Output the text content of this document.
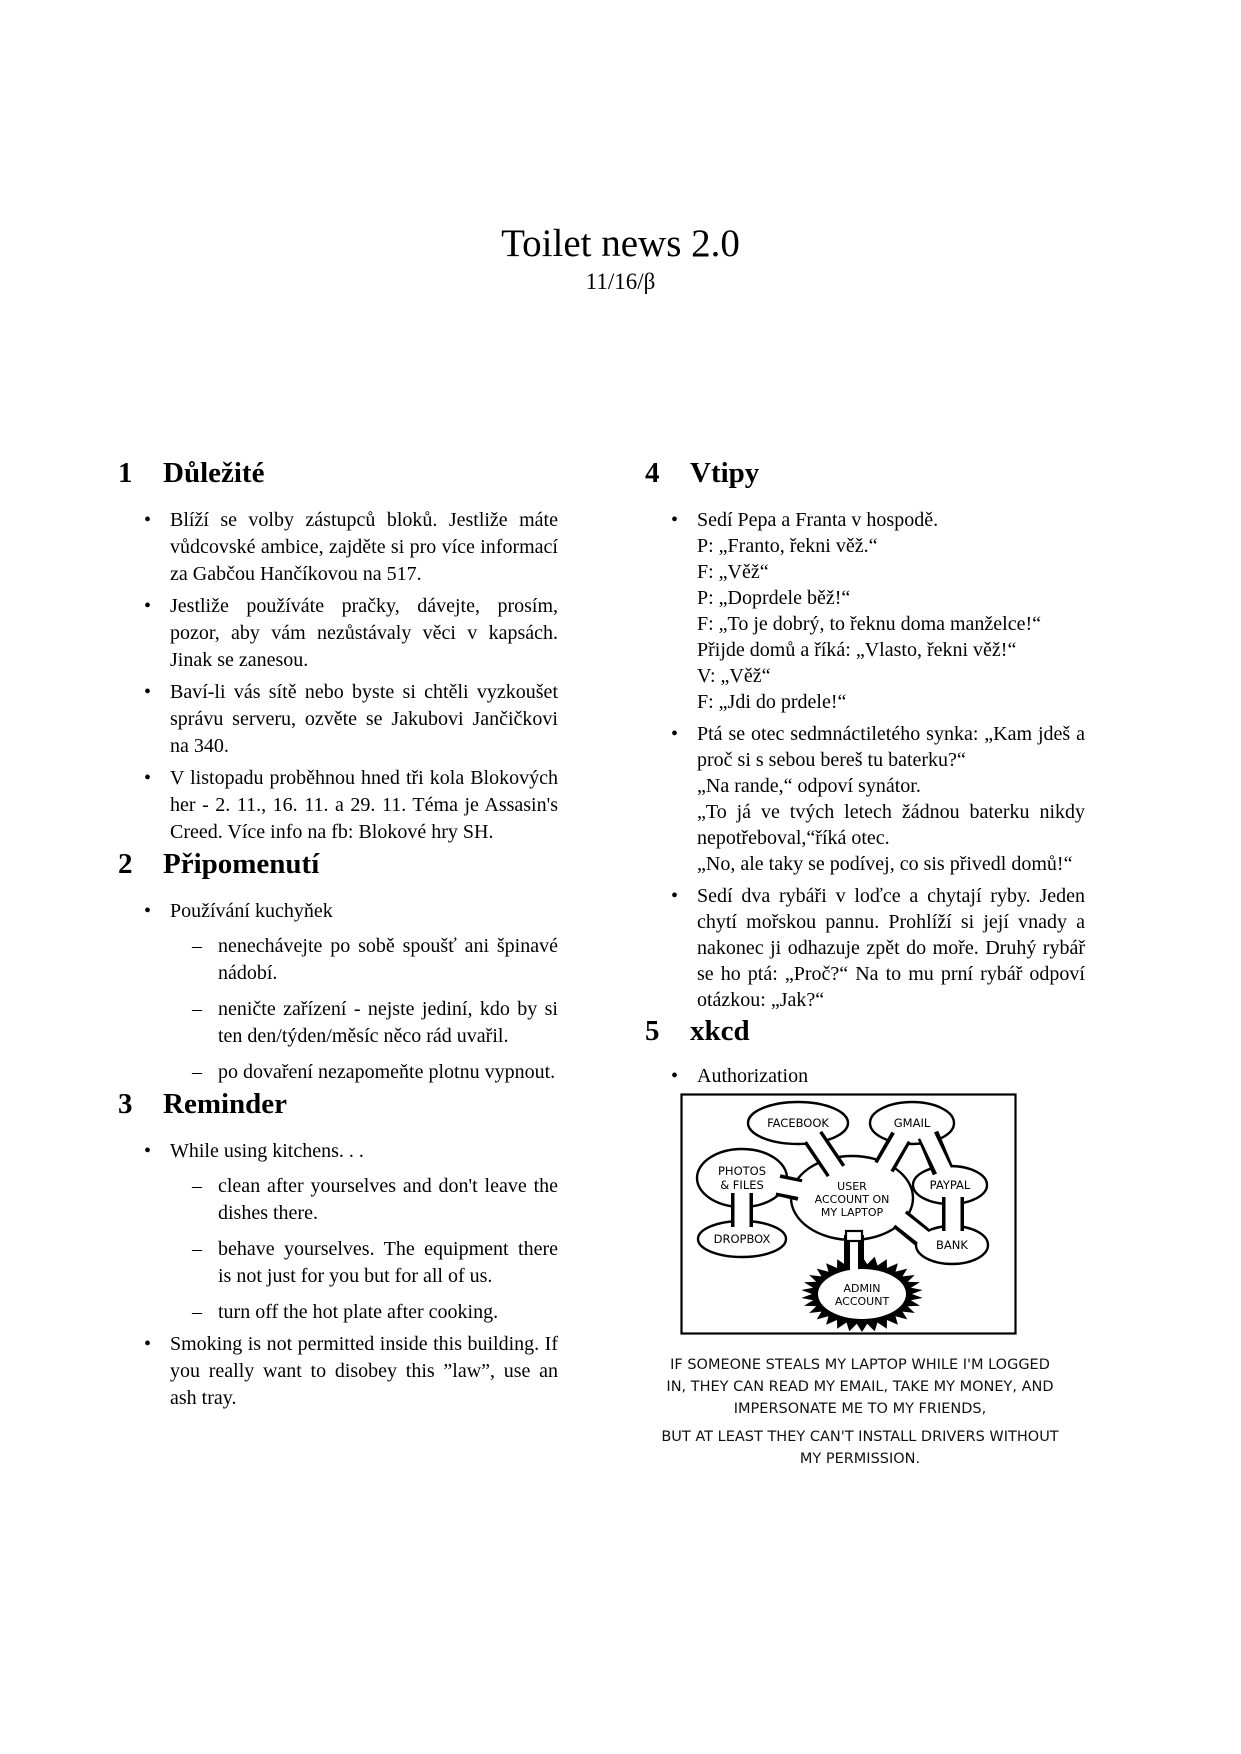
Toilet news 2.0
11/16/β
1 Důležité
• Blíží se volby zástupců bloků. Jestliže máte vůdcovské ambice, zajděte si pro více informací za Gabčou Hančíkovou na 517.
• Jestliže používáte pračky, dávejte, prosím, pozor, aby vám nezůstávaly věci v kapsách. Jinak se zanesou.
• Baví-li vás sítě nebo byste si chtěli vyzkoušet správu serveru, ozvěte se Jakubovi Jančičkovi na 340.
• V listopadu proběhnou hned tři kola Blokových her - 2. 11., 16. 11. a 29. 11. Téma je Assasin's Creed. Více info na fb: Blokové hry SH.
2 Připomenutí
• Používání kuchyňek
– nenechávejte po sobě spoušť ani špinavé nádobí.
– neničte zařízení - nejste jediní, kdo by si ten den/týden/měsíc něco rád uvařil.
– po dovaření nezapomeňte plotnu vypnout.
3 Reminder
• While using kitchens. . .
– clean after yourselves and don't leave the dishes there.
– behave yourselves. The equipment there is not just for you but for all of us.
– turn off the hot plate after cooking.
• Smoking is not permitted inside this building. If you really want to disobey this ”law”, use an ash tray.
4 Vtipy
• Sedí Pepa a Franta v hospodě.
P: „Franto, řekni věž.“
F: „Věž“
P: „Doprdele běž!“
F: „To je dobrý, to řeknu doma manželce!“
Přijde domů a říká: „Vlasto, řekni věž!“
V: „Věž“
F: „Jdi do prdele!“
• Ptá se otec sedmnáctiletého synka: „Kam jdeš a proč si s sebou bereš tu baterku?“
„Na rande,“ odpoví synátor.
„To já ve tvých letech žádnou baterku nikdy nepotřeboval,“říká otec.
„No, ale taky se podívej, co sis přivedl domů!“
• Sedí dva rybáři v loďce a chytají ryby. Jeden chytí mořskou pannu. Prohlíží si její vnady a nakonec ji odhazuje zpět do moře. Druhý rybář se ho ptá: „Proč?“ Na to mu prní rybář odpoví otázkou: „Jak?“
5 xkcd
• Authorization
FACEBOOK	GMAIL
PHOTOS
& FILES	PAYPAL
DROPBOX	BANK
USER
ACCOUNT ON
MY LAPTOP
ADMIN
ACCOUNT
IF SOMEONE STEALS MY LAPTOP WHILE I'M LOGGED IN, THEY CAN READ MY EMAIL, TAKE MY MONEY, AND IMPERSONATE ME TO MY FRIENDS,
BUT AT LEAST THEY CAN'T INSTALL DRIVERS WITHOUT MY PERMISSION.
